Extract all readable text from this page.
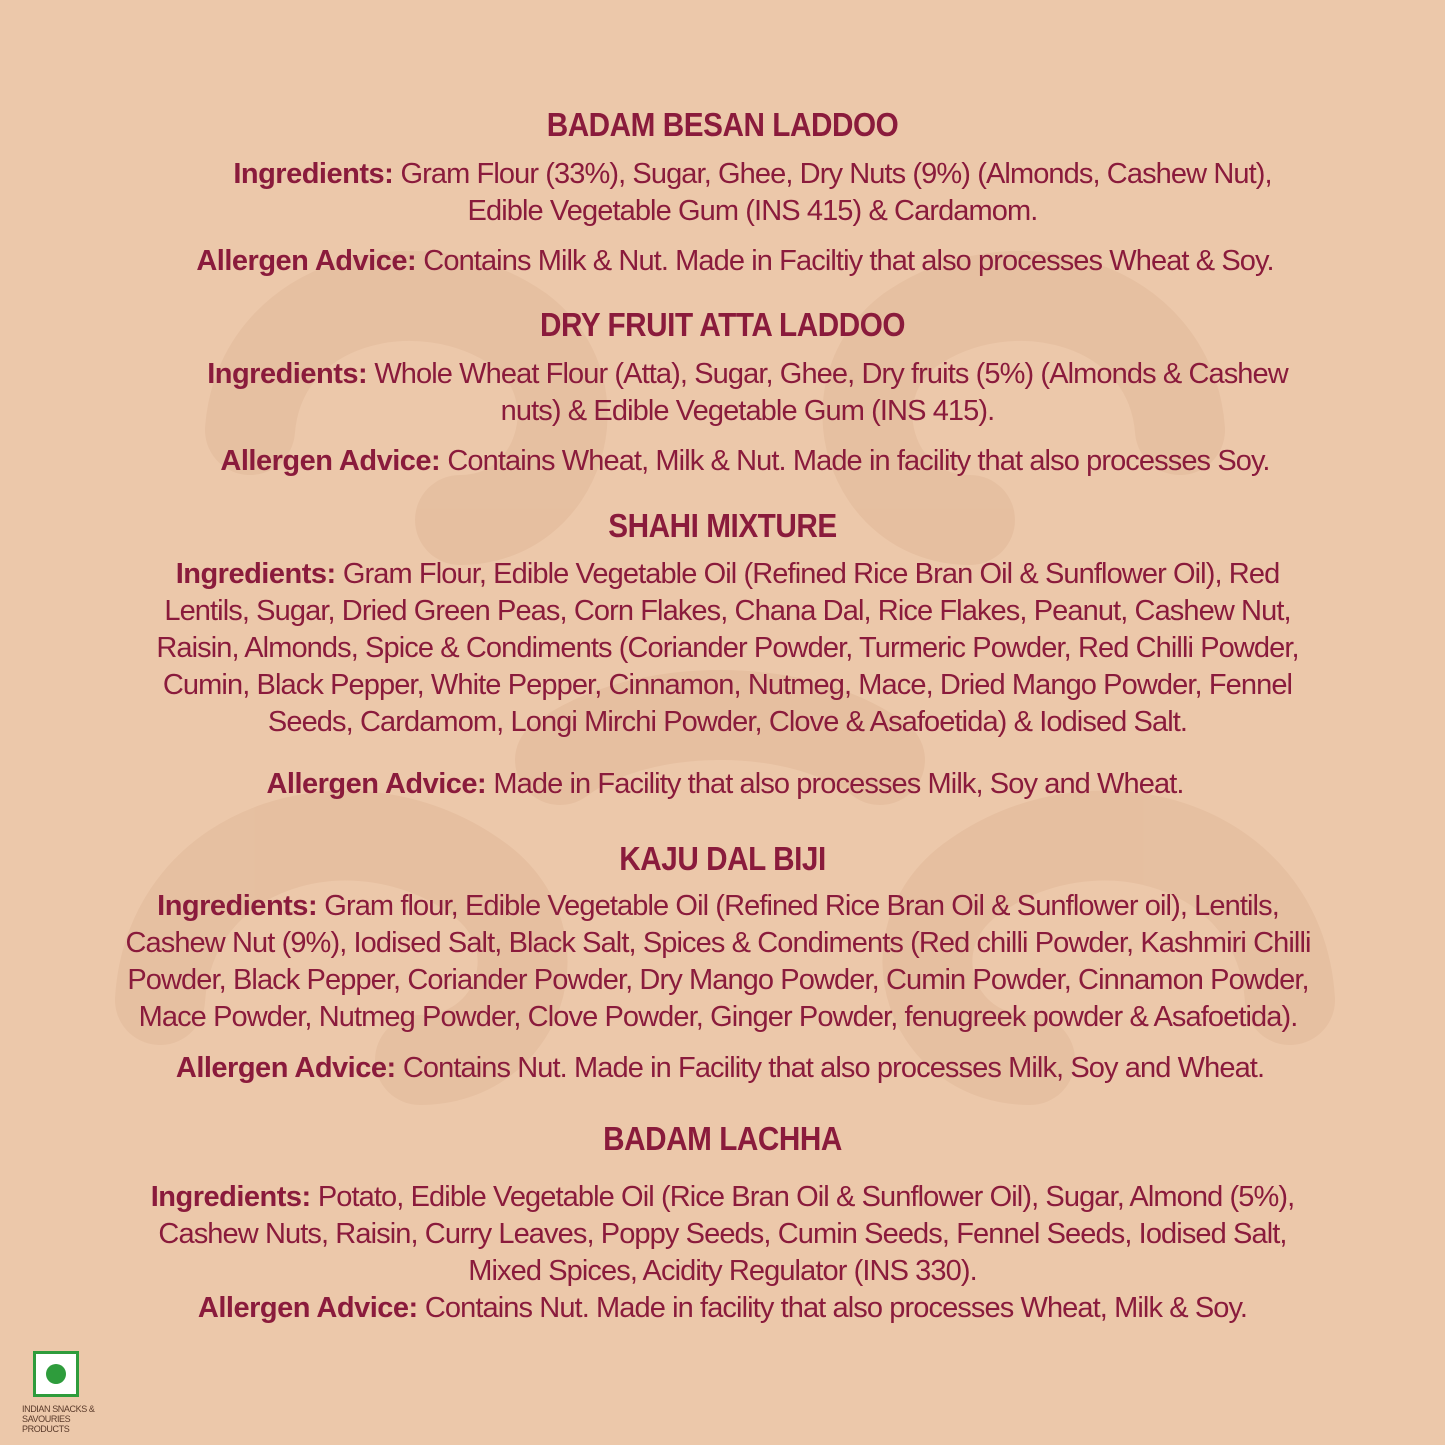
BADAM BESAN LADDOO
Ingredients: Gram Flour (33%), Sugar, Ghee, Dry Nuts (9%) (Almonds, Cashew Nut), Edible Vegetable Gum (INS 415) & Cardamom.
Allergen Advice: Contains Milk & Nut. Made in Faciltiy that also processes Wheat & Soy.
DRY FRUIT ATTA LADDOO
Ingredients: Whole Wheat Flour (Atta), Sugar, Ghee, Dry fruits (5%) (Almonds & Cashew nuts) & Edible Vegetable Gum (INS 415).
Allergen Advice: Contains Wheat, Milk & Nut. Made in facility that also processes Soy.
SHAHI MIXTURE
Ingredients: Gram Flour, Edible Vegetable Oil (Refined Rice Bran Oil & Sunflower Oil), Red Lentils, Sugar, Dried Green Peas, Corn Flakes, Chana Dal, Rice Flakes, Peanut, Cashew Nut, Raisin, Almonds, Spice & Condiments (Coriander Powder, Turmeric Powder, Red Chilli Powder, Cumin, Black Pepper, White Pepper, Cinnamon, Nutmeg, Mace, Dried Mango Powder, Fennel Seeds, Cardamom, Longi Mirchi Powder, Clove & Asafoetida) & Iodised Salt.
Allergen Advice: Made in Facility that also processes Milk, Soy and Wheat.
KAJU DAL BIJI
Ingredients: Gram flour, Edible Vegetable Oil (Refined Rice Bran Oil & Sunflower oil), Lentils, Cashew Nut (9%), Iodised Salt, Black Salt, Spices & Condiments (Red chilli Powder, Kashmiri Chilli Powder, Black Pepper, Coriander Powder, Dry Mango Powder, Cumin Powder, Cinnamon Powder, Mace Powder, Nutmeg Powder, Clove Powder, Ginger Powder, fenugreek powder & Asafoetida).
Allergen Advice: Contains Nut. Made in Facility that also processes Milk, Soy and Wheat.
BADAM LACHHA
Ingredients: Potato, Edible Vegetable Oil (Rice Bran Oil & Sunflower Oil), Sugar, Almond (5%), Cashew Nuts, Raisin, Curry Leaves, Poppy Seeds, Cumin Seeds, Fennel Seeds, Iodised Salt, Mixed Spices, Acidity Regulator (INS 330).
Allergen Advice: Contains Nut. Made in facility that also processes Wheat, Milk & Soy.
INDIAN SNACKS & SAVOURIES PRODUCTS
